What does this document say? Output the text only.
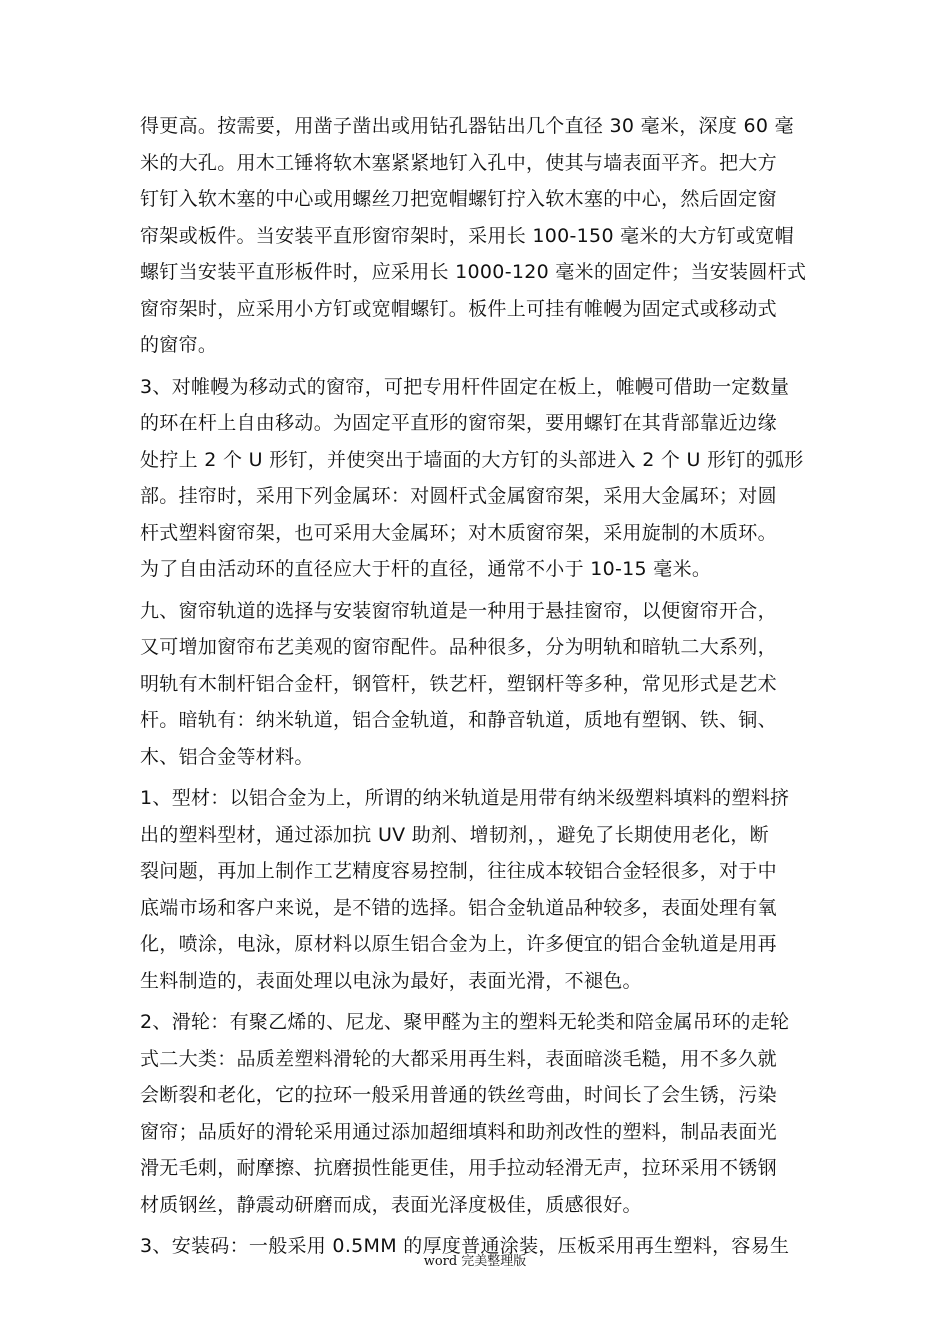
得更高。按需要，用凿子凿出或用钻孔器钻出几个直径 30 毫米，深度 60 毫
米的大孔。用木工锤将软木塞紧紧地钉入孔中，使其与墙表面平齐。把大方
钉钉入软木塞的中心或用螺丝刀把宽帽螺钉拧入软木塞的中心，然后固定窗
帘架或板件。当安装平直形窗帘架时，采用长 100-150 毫米的大方钉或宽帽
螺钉当安装平直形板件时，应采用长 1000-120 毫米的固定件；当安装圆杆式
窗帘架时，应采用小方钉或宽帽螺钉。板件上可挂有帷幔为固定式或移动式
的窗帘。

3、对帷幔为移动式的窗帘，可把专用杆件固定在板上，帷幔可借助一定数量
的环在杆上自由移动。为固定平直形的窗帘架，要用螺钉在其背部靠近边缘
处拧上 2 个 U 形钉，并使突出于墙面的大方钉的头部进入 2 个 U 形钉的弧形
部。挂帘时，采用下列金属环：对圆杆式金属窗帘架，采用大金属环；对圆
杆式塑料窗帘架，也可采用大金属环；对木质窗帘架，采用旋制的木质环。
为了自由活动环的直径应大于杆的直径，通常不小于 10-15 毫米。

九、窗帘轨道的选择与安装窗帘轨道是一种用于悬挂窗帘，以便窗帘开合，
又可增加窗帘布艺美观的窗帘配件。品种很多，分为明轨和暗轨二大系列，
明轨有木制杆铝合金杆，钢管杆，铁艺杆，塑钢杆等多种，常见形式是艺术
杆。暗轨有：纳米轨道，铝合金轨道，和静音轨道，质地有塑钢、铁、铜、
木、铝合金等材料。

1、型材：以铝合金为上，所谓的纳米轨道是用带有纳米级塑料填料的塑料挤
出的塑料型材，通过添加抗 UV 助剂、增韧剂，，避免了长期使用老化，断
裂问题，再加上制作工艺精度容易控制，往往成本较铝合金轻很多，对于中
底端市场和客户来说，是不错的选择。铝合金轨道品种较多，表面处理有氧
化，喷涂，电泳，原材料以原生铝合金为上，许多便宜的铝合金轨道是用再
生料制造的，表面处理以电泳为最好，表面光滑，不褪色。

2、滑轮：有聚乙烯的、尼龙、聚甲醛为主的塑料无轮类和陪金属吊环的走轮
式二大类：品质差塑料滑轮的大都采用再生料，表面暗淡毛糙，用不多久就
会断裂和老化，它的拉环一般采用普通的铁丝弯曲，时间长了会生锈，污染
窗帘；品质好的滑轮采用通过添加超细填料和助剂改性的塑料，制品表面光
滑无毛刺，耐摩擦、抗磨损性能更佳，用手拉动轻滑无声，拉环采用不锈钢
材质钢丝，静震动研磨而成，表面光泽度极佳，质感很好。

3、安装码：一般采用 0.5MM 的厚度普通涂装，压板采用再生塑料，容易生

word 完美整理版
